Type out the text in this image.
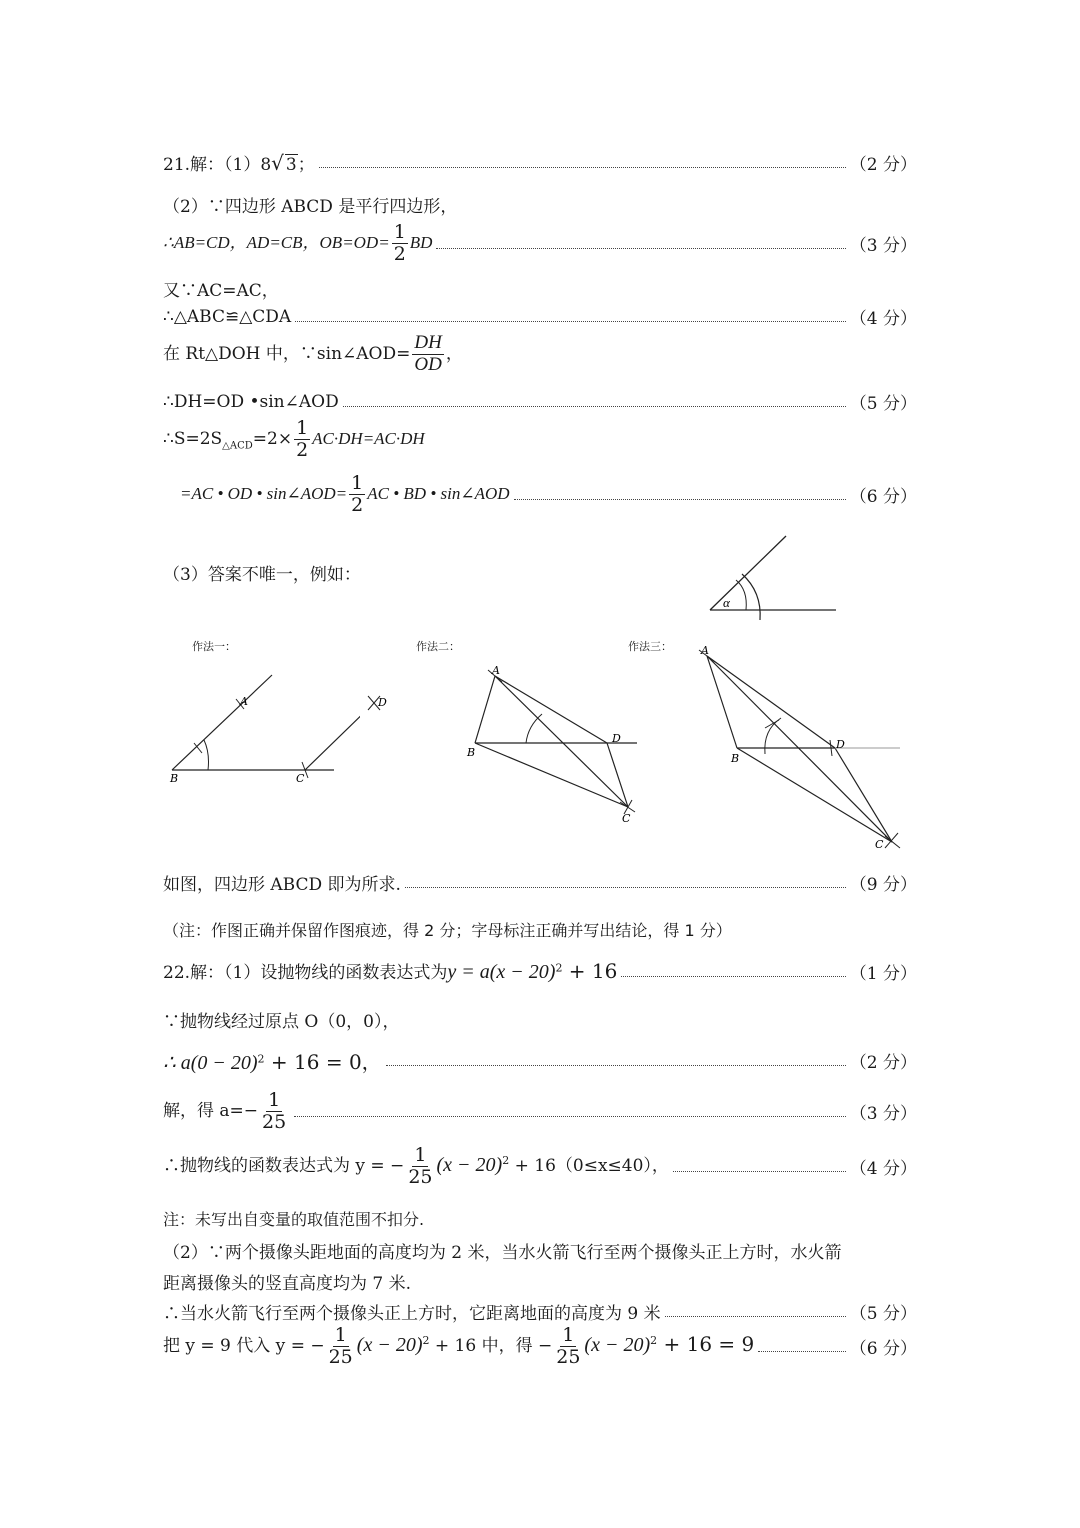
21.解：（1）8√ 3；	（2 分）
（2）∵四边形 ABCD 是平行四边形，
∴AB=CD，AD=CB，$OB=OD= \frac{1}{2}$ BD	（3 分）
又∵AC=AC，
∴△ABC≌△CDA	（4 分）
在 Rt△DOH 中，∵sin∠AOD= $\frac{DH}{OD}$ ，
∴DH=OD •sin∠AOD	（5 分）
$\therefore S=2S_{\triangle ACD}=2\times \frac{1}{2} AC\cdot DH=AC\cdot DH$
=AC • OD • sin∠AOD= $\frac{1}{2}$ AC • BD • sin∠AOD	（6 分）
（3）答案不唯一，例如：
α
作法一：	作法二：	作法三：
A
B	C
D
A
B
D
C
A
B
D
C
如图，四边形 ABCD 即为所求.	（9 分）
（注：作图正确并保留作图痕迹，得 2 分；字母标注正确并写出结论，得 1 分）
22.解：（1）设抛物线的函数表达式为$y = a(x - 20)^2 + 16$	（1 分）
∵抛物线经过原点 O（0，0），
∴ $a(0 - 20)^2 + 16 = 0$，	（2 分）
解，得 $a=- \frac{1}{25}$	（3 分）
∴抛物线的函数表达式为 y = − $\frac{1}{25} (x - 20)^2 + 16(0\le x\le 40)$，	（4 分）
注：未写出自变量的取值范围不扣分.
（2）∵两个摄像头距地面的高度均为 2 米，当水火箭飞行至两个摄像头正上方时，水火箭
距离摄像头的竖直高度均为 7 米.
∴当水火箭飞行至两个摄像头正上方时，它距离地面的高度为 9 米	（5 分）
把 y = 9 代入 y = − $\frac{1}{25} (x - 20)^2 + 16$ 中，得 − $\frac{1}{25} (x - 20)^2 + 16 = 9$	（6 分）
